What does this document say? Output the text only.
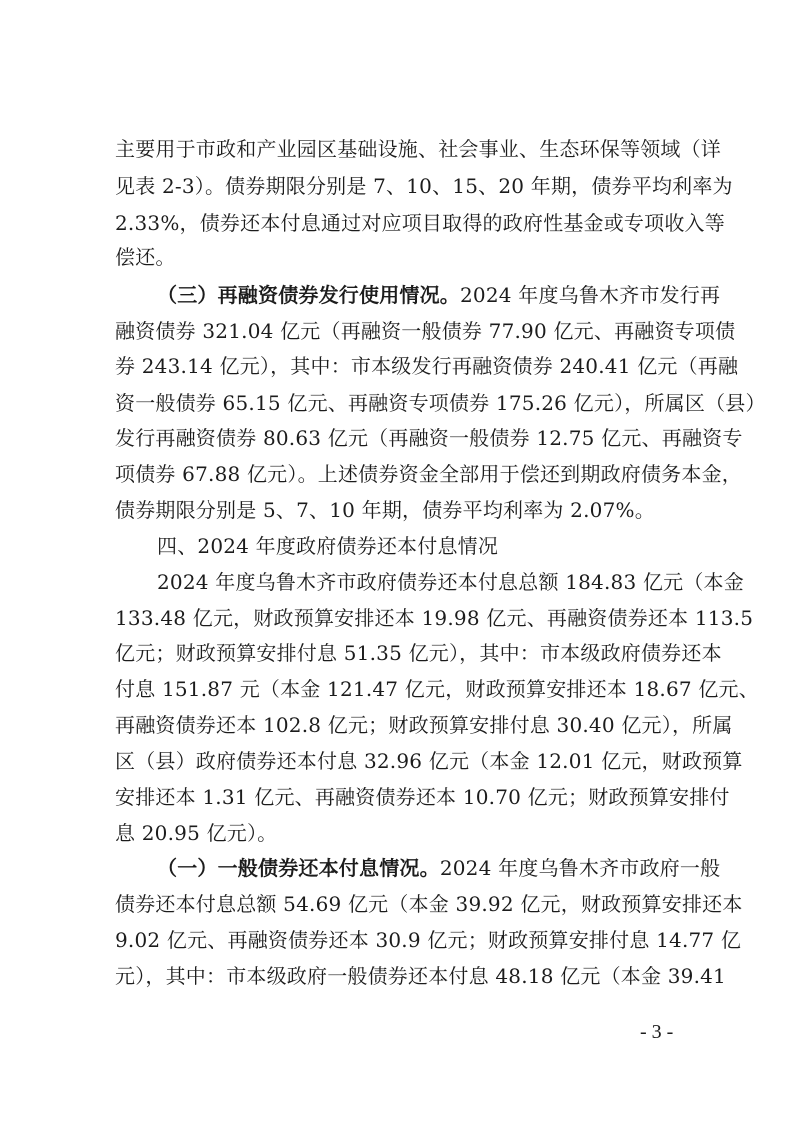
主要用于市政和产业园区基础设施、社会事业、生态环保等领域（详
见表 2-3）。债券期限分别是 7、10、15、20 年期，债券平均利率为
2.33%，债券还本付息通过对应项目取得的政府性基金或专项收入等
偿还。
（三）再融资债券发行使用情况。2024 年度乌鲁木齐市发行再
融资债券 321.04 亿元（再融资一般债券 77.90 亿元、再融资专项债
券 243.14 亿元），其中：市本级发行再融资债券 240.41 亿元（再融
资一般债券 65.15 亿元、再融资专项债券 175.26 亿元），所属区（县）
发行再融资债券 80.63 亿元（再融资一般债券 12.75 亿元、再融资专
项债券 67.88 亿元）。上述债券资金全部用于偿还到期政府债务本金，
债券期限分别是 5、7、10 年期，债券平均利率为 2.07%。
四、2024 年度政府债券还本付息情况
2024 年度乌鲁木齐市政府债券还本付息总额 184.83 亿元（本金
133.48 亿元，财政预算安排还本 19.98 亿元、再融资债券还本 113.5
亿元；财政预算安排付息 51.35 亿元），其中：市本级政府债券还本
付息 151.87 元（本金 121.47 亿元，财政预算安排还本 18.67 亿元、
再融资债券还本 102.8 亿元；财政预算安排付息 30.40 亿元），所属
区（县）政府债券还本付息 32.96 亿元（本金 12.01 亿元，财政预算
安排还本 1.31 亿元、再融资债券还本 10.70 亿元；财政预算安排付
息 20.95 亿元）。
（一）一般债券还本付息情况。2024 年度乌鲁木齐市政府一般
债券还本付息总额 54.69 亿元（本金 39.92 亿元，财政预算安排还本
9.02 亿元、再融资债券还本 30.9 亿元；财政预算安排付息 14.77 亿
元），其中：市本级政府一般债券还本付息 48.18 亿元（本金 39.41
- 3 -
